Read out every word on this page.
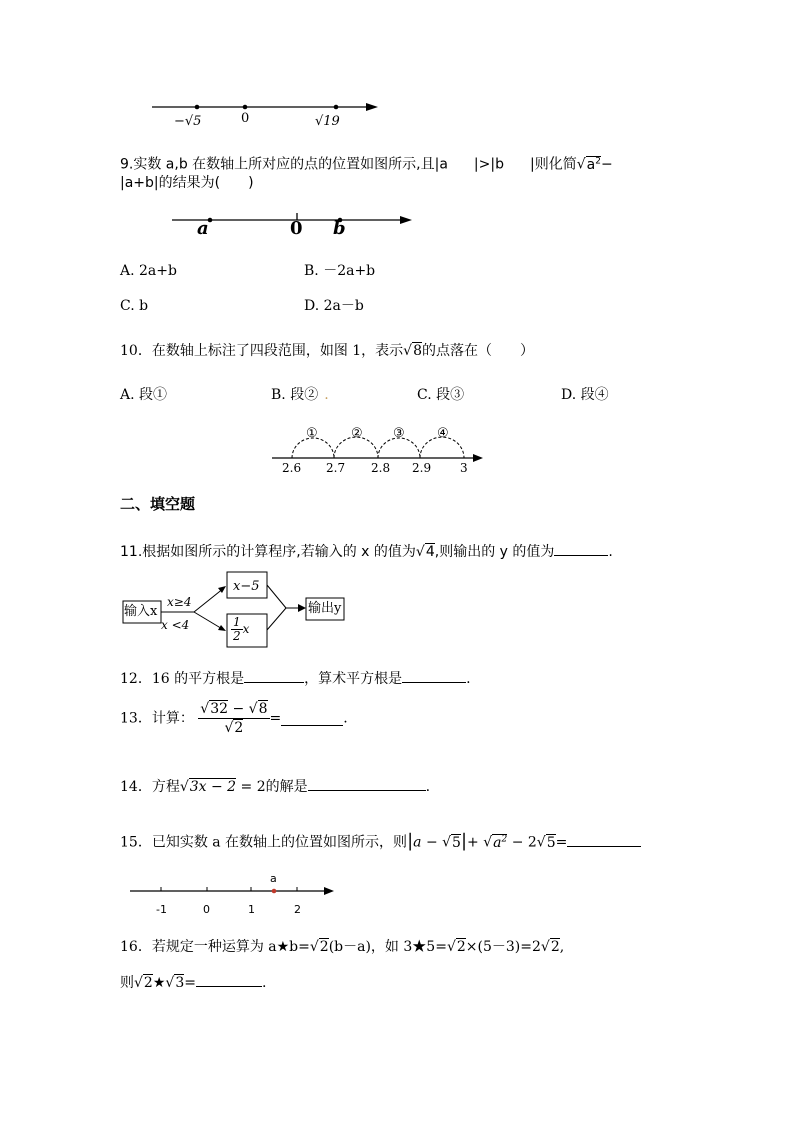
−√5	0	√19
9.实数 a,b 在数轴上所对应的点的位置如图所示,且|a |>|b |则化简$√a^2-$
|a+b|的结果为(　　)
a	0 b
A. 2a+b	B. －2a+b
C. b	D. 2a－b
10．在数轴上标注了四段范围，如图 1，表示√8的点落在（　　）
A. 段①	B. 段② .	C. 段③	D. 段④
①	② ③ ④
2.6 2.7 2.8 2.9 3
二、填空题
11.根据如图所示的计算程序,若输入的 x 的值为√4,则输出的 y 的值为	.
输入x
x≥4
x <4
x−5
$\frac{1}{2}$ x
输出y
12．16 的平方根是	，算术平方根是	.
13．计算： $\frac{√32 - √8}{√2}$ =	.
14．方程√3x − 2 = 2的解是	.
15．已知实数 a 在数轴上的位置如图所示，则$|a - √5|+ √a^2 - 2√5=$
a
-1	0	1	2
16．若规定一种运算为 a★b=√2(b－a)，如 3★5=√2×(5－3)=2√2,
则√2★√3=	.
